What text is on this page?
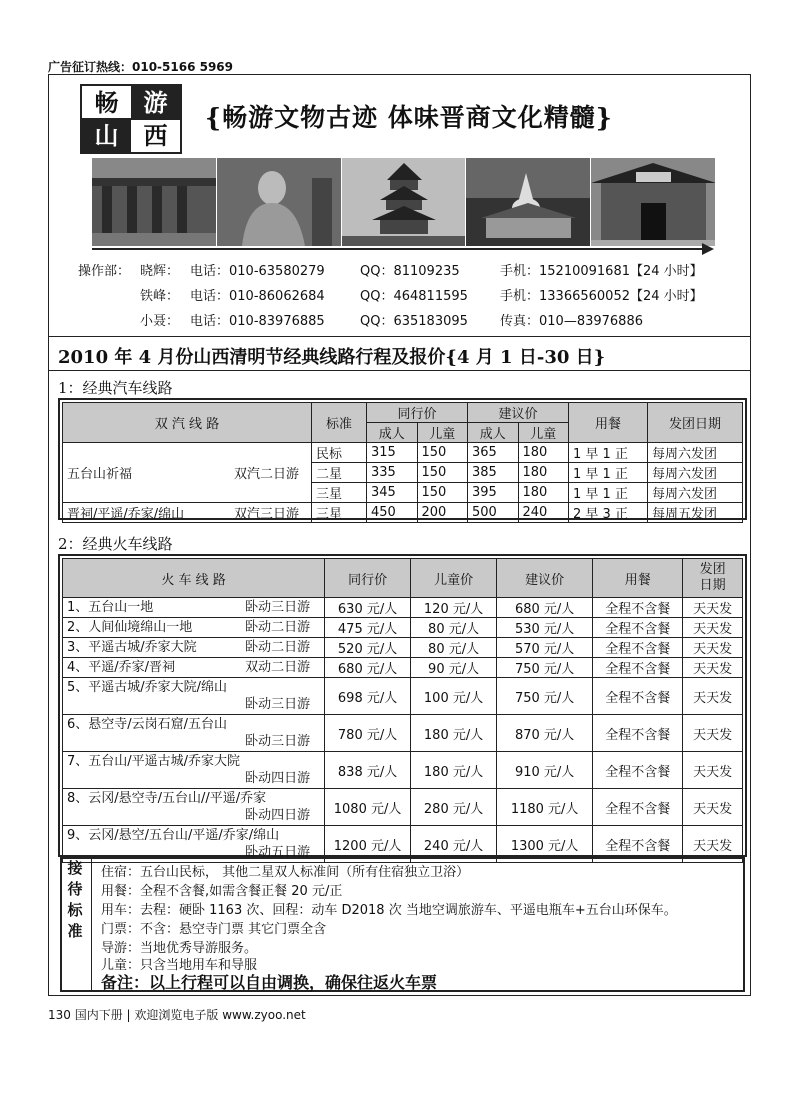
广告征订热线：010-5166 5969
畅	游
山	西
{畅游文物古迹 体味晋商文化精髓}
操作部： 晓辉： 电话：010-63580279	QQ：81109235	手机：15210091681【24 小时】
铁峰： 电话：010-86062684	QQ：464811595 手机：13366560052【24 小时】
小聂： 电话：010-83976885	QQ：635183095 传真：010—83976886
2010 年 4 月份山西清明节经典线路行程及报价{4 月 1 日-30 日}
1：经典汽车线路
双 汽 线 路	标准	同行价		建议价		用餐	发团日期
		成人	儿童	成人	儿童		
五台山祈福 双汽二日游	民标	315	150	365	180	1 早 1 正	每周六发团
	二星	335	150	385	180	1 早 1 正	每周六发团
	三星	345	150	395	180	1 早 1 正	每周六发团
晋祠/平遥/乔家/绵山 双汽三日游	三星	450	200	500	240	2 早 3 正	每周五发团
2：经典火车线路
火 车 线 路	同行价	儿童价	建议价	用餐	发团
日期

1、五台山一地 卧动三日游	630 元/人	120 元/人	680 元/人	全程不含餐	天天发
2、人间仙境绵山一地 卧动二日游	475 元/人	80 元/人	530 元/人	全程不含餐	天天发
3、平遥古城/乔家大院 卧动二日游	520 元/人	80 元/人	570 元/人	全程不含餐	天天发
4、平遥/乔家/晋祠 双动二日游	680 元/人	90 元/人	750 元/人	全程不含餐	天天发

5、平遥古城/乔家大院/绵山
卧动三日游	698 元/人	100 元/人	750 元/人	全程不含餐	天天发

6、悬空寺/云岗石窟/五台山
卧动三日游	780 元/人	180 元/人	870 元/人	全程不含餐	天天发

7、五台山/平遥古城/乔家大院
卧动四日游	838 元/人	180 元/人	910 元/人	全程不含餐	天天发

8、云冈/悬空寺/五台山//平遥/乔家
卧动四日游	1080 元/人	280 元/人	1180 元/人	全程不含餐	天天发

9、云冈/悬空/五台山/平遥/乔家/绵山
卧动五日游	1200 元/人	240 元/人	1300 元/人	全程不含餐	天天发
接
待
标
准
住宿：五台山民标， 其他二星双人标准间（所有住宿独立卫浴）
用餐：全程不含餐,如需含餐正餐 20 元/正
用车：去程：硬卧 1163 次、回程：动车 D2018 次 当地空调旅游车、平遥电瓶车+五台山环保车。
门票：不含：悬空寺门票 其它门票全含
导游：当地优秀导游服务。
儿童：只含当地用车和导服
备注：以上行程可以自由调换，确保往返火车票
130 国内下册 | 欢迎浏览电子版 www.zyoo.net
